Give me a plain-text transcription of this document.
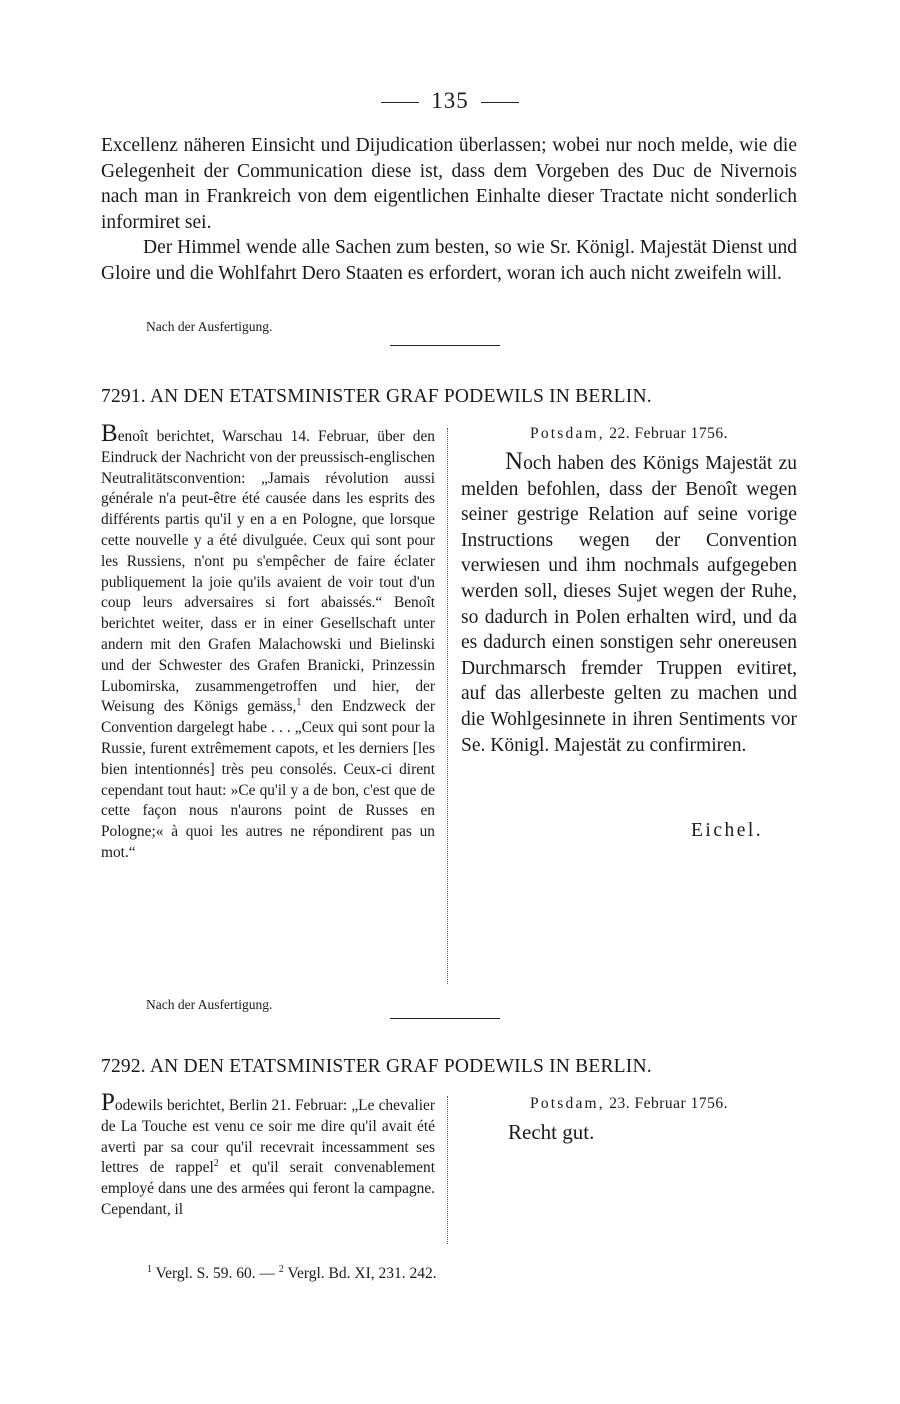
135

Excellenz näheren Einsicht und Dijudication überlassen; wobei nur noch melde, wie die Gelegenheit der Communication diese ist, dass dem Vorgeben des Duc de Nivernois nach man in Frankreich von dem eigentlichen Einhalte dieser Tractate nicht sonderlich informiret sei.

Der Himmel wende alle Sachen zum besten, so wie Sr. Königl. Majestät Dienst und Gloire und die Wohlfahrt Dero Staaten es erfordert, woran ich auch nicht zweifeln will.

Nach der Ausfertigung.
7291. AN DEN ETATSMINISTER GRAF PODEWILS IN BERLIN.

Benoît berichtet, Warschau 14. Februar, über den Eindruck der Nachricht von der preussisch-englischen Neutralitätsconvention: „Jamais révolution aussi générale n'a peut-être été causée dans les esprits des différents partis qu'il y en a en Pologne, que lorsque cette nouvelle y a été divulguée. Ceux qui sont pour les Russiens, n'ont pu s'empêcher de faire éclater publiquement la joie qu'ils avaient de voir tout d'un coup leurs adversaires si fort abaissés.“ Benoît berichtet weiter, dass er in einer Gesellschaft unter andern mit den Grafen Malachowski und Bielinski und der Schwester des Grafen Branicki, Prinzessin Lubomirska, zusammengetroffen und hier, der Weisung des Königs gemäss,$^1$ den Endzweck der Convention dargelegt habe . . . „Ceux qui sont pour la Russie, furent extrêmement capots, et les derniers [les bien intentionnés] très peu consolés. Ceux-ci dirent cependant tout haut: »Ce qu'il y a de bon, c'est que de cette façon nous n'aurons point de Russes en Pologne;« à quoi les autres ne répondirent pas un mot.“

Potsdam, 22. Februar 1756.

Noch haben des Königs Majestät zu melden befohlen, dass der Benoît wegen seiner gestrige Relation auf seine vorige Instructions wegen der Convention verwiesen und ihm nochmals aufgegeben werden soll, dieses Sujet wegen der Ruhe, so dadurch in Polen erhalten wird, und da es dadurch einen sonstigen sehr onereusen Durchmarsch fremder Truppen evitiret, auf das allerbeste gelten zu machen und die Wohlgesinnete in ihren Sentiments vor Se. Königl. Majestät zu confirmiren.

Eichel.
Nach der Ausfertigung.
7292. AN DEN ETATSMINISTER GRAF PODEWILS IN BERLIN.

Podewils berichtet, Berlin 21. Februar: „Le chevalier de La Touche est venu ce soir me dire qu'il avait été averti par sa cour qu'il recevrait incessamment ses lettres de rappel$^2$ et qu'il serait convenablement employé dans une des armées qui feront la campagne. Cependant, il

Potsdam, 23. Februar 1756.
Recht gut.
$^1$ Vergl. S. 59. 60. — $^2$ Vergl. Bd. XI, 231. 242.
